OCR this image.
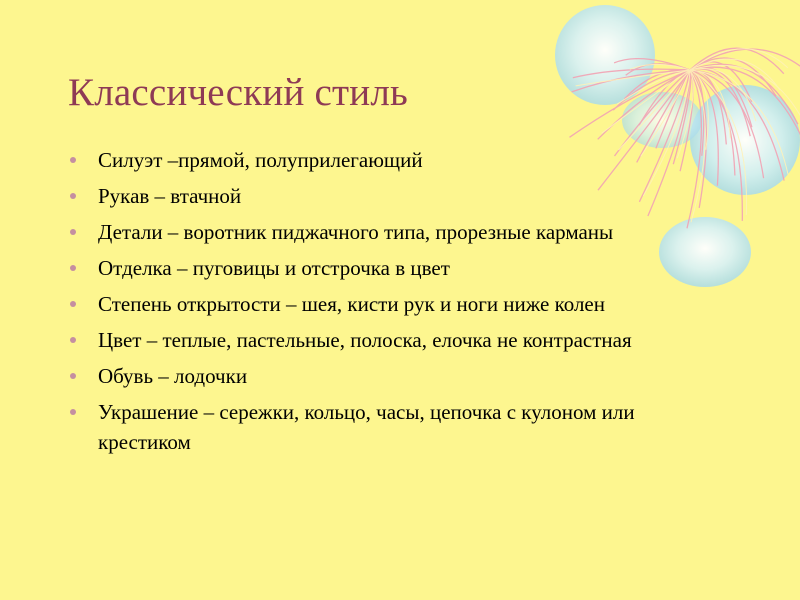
Классический стиль
Силуэт –прямой, полуприлегающий
Рукав – втачной
Детали – воротник пиджачного типа, прорезные карманы
Отделка – пуговицы и отстрочка в цвет
Степень открытости – шея, кисти рук и ноги ниже колен
Цвет – теплые, пастельные, полоска, елочка не контрастная
Обувь – лодочки
Украшение – сережки, кольцо, часы, цепочка с кулоном или крестиком
